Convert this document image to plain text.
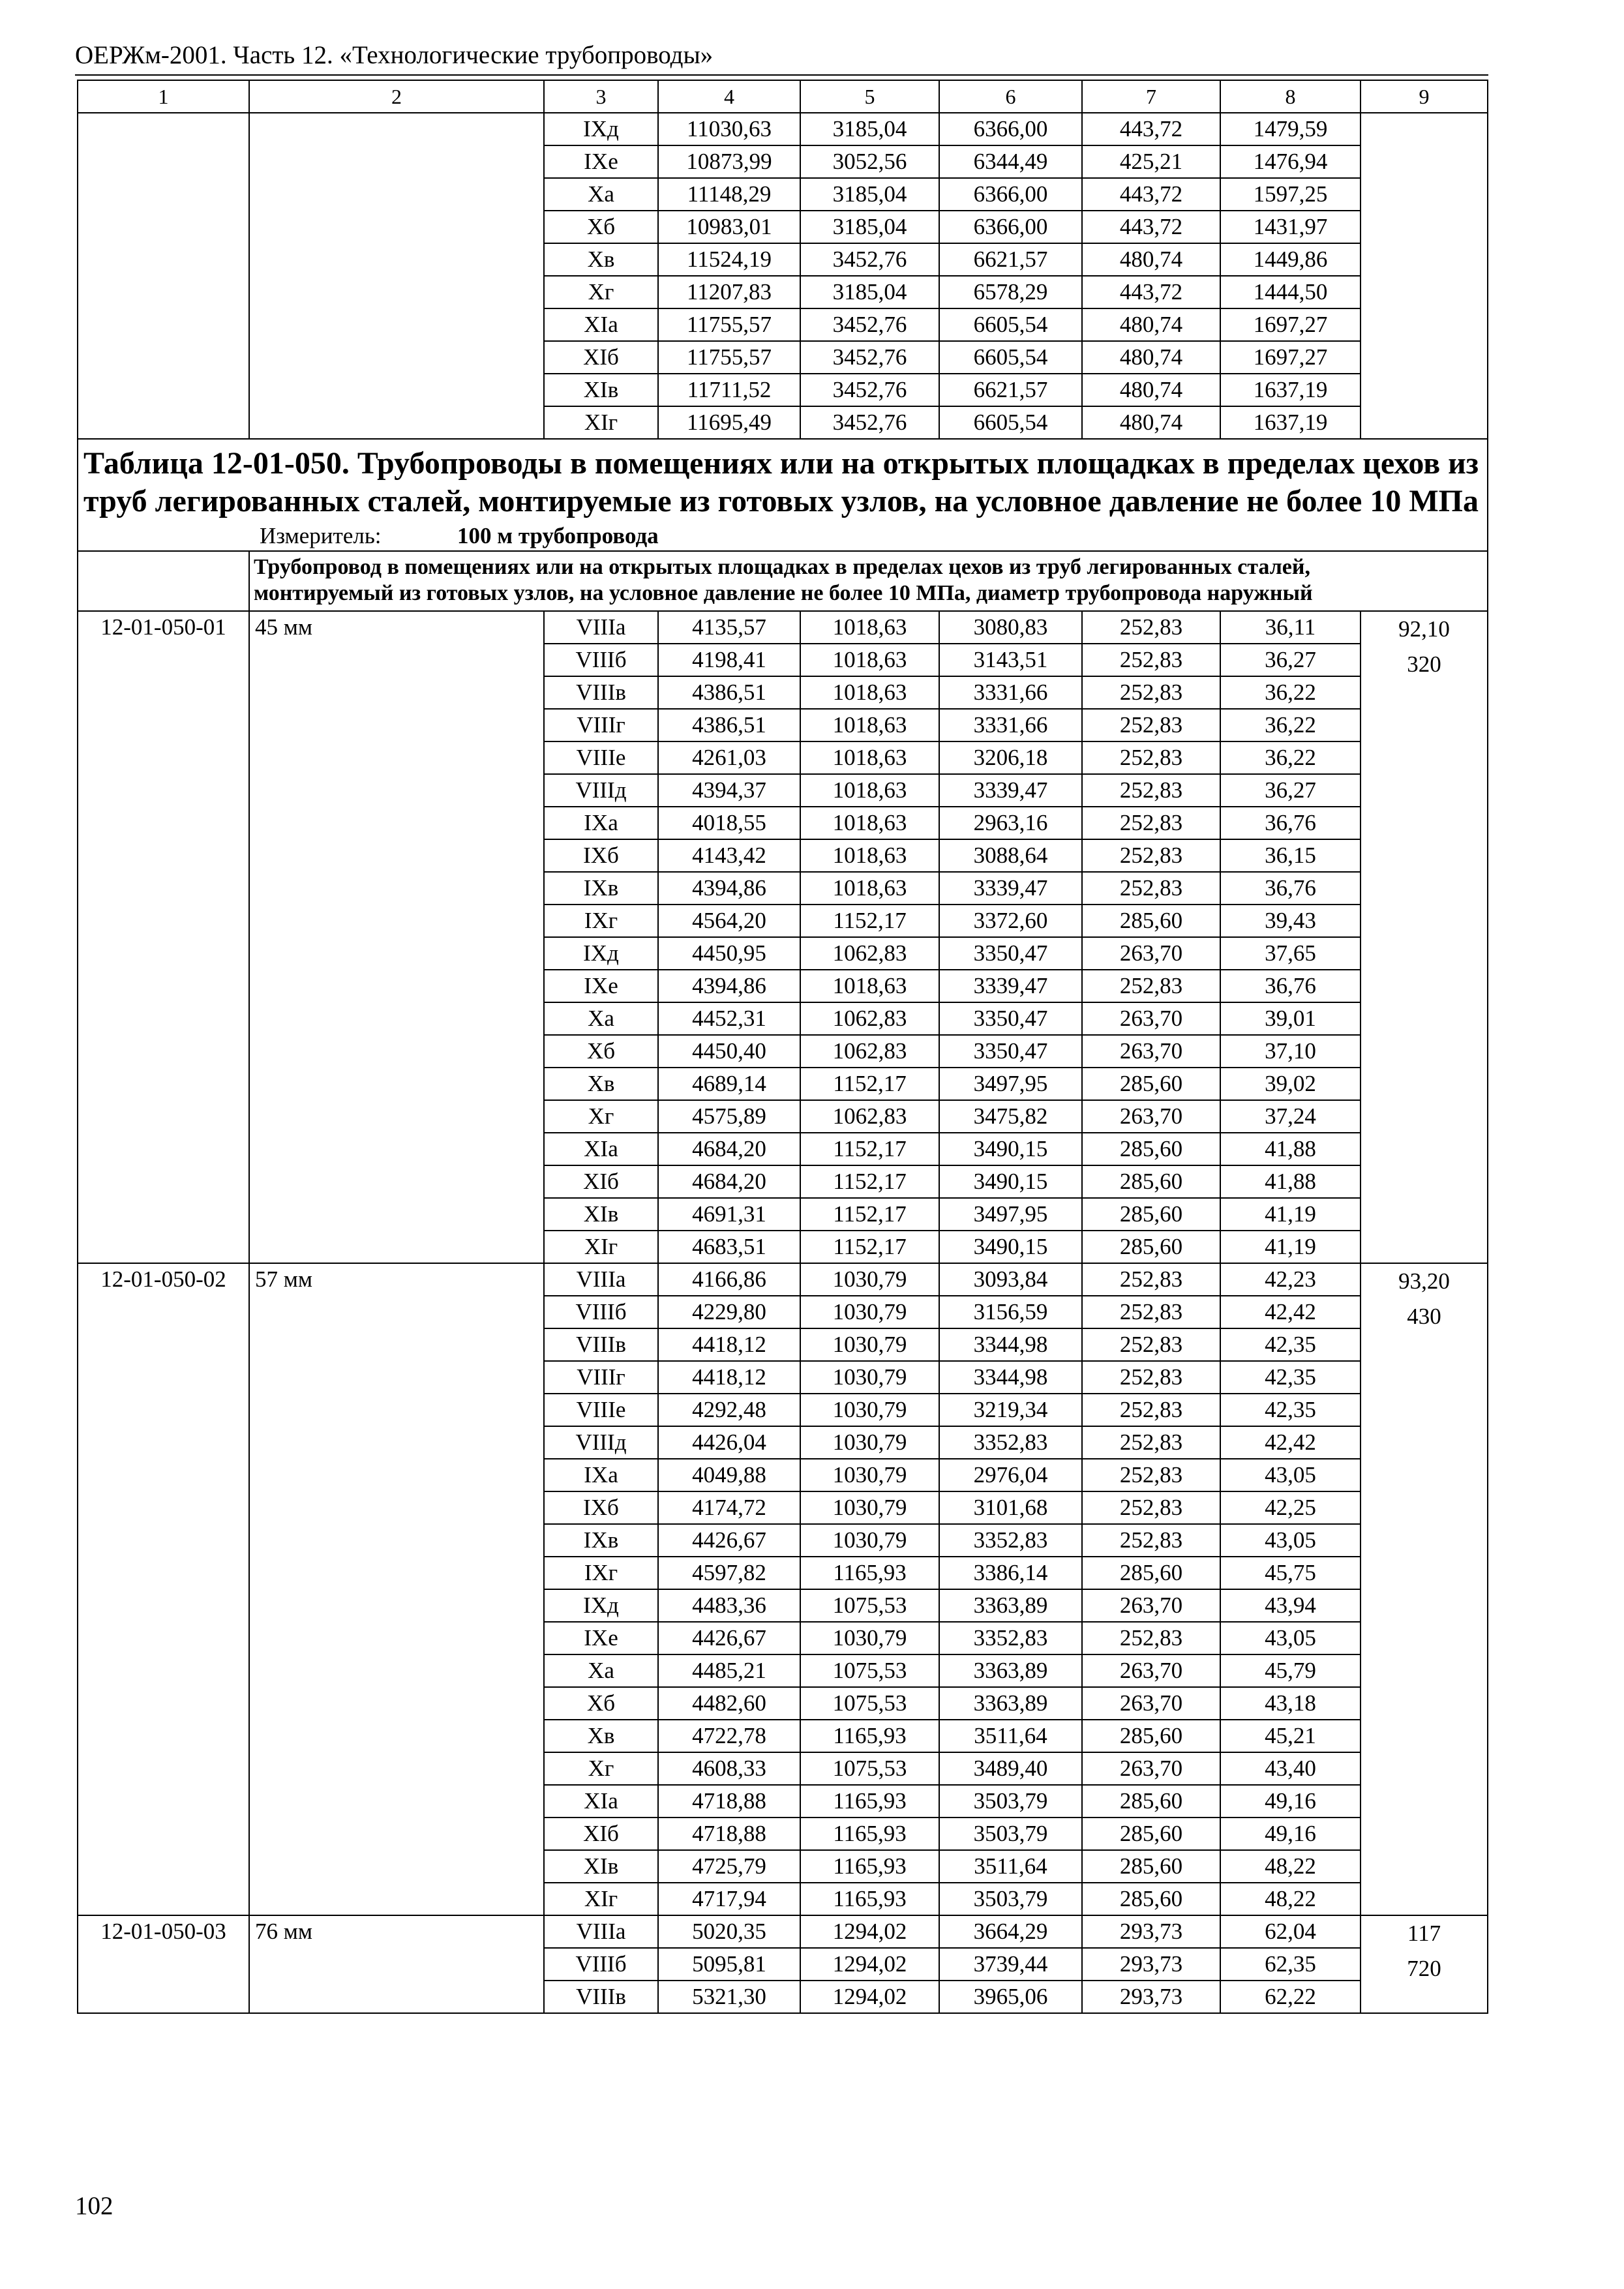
ОЕРЖм-2001. Часть 12. «Технологические трубопроводы»
1	2	3	4	5	6	7	8	9
		IXд	11030,63	3185,04	6366,00	443,72	1479,59	
		IXе	10873,99	3052,56	6344,49	425,21	1476,94	
		Xа	11148,29	3185,04	6366,00	443,72	1597,25	
		Xб	10983,01	3185,04	6366,00	443,72	1431,97	
		Xв	11524,19	3452,76	6621,57	480,74	1449,86	
		Xг	11207,83	3185,04	6578,29	443,72	1444,50	
		XIа	11755,57	3452,76	6605,54	480,74	1697,27	
		XIб	11755,57	3452,76	6605,54	480,74	1697,27	
		XIв	11711,52	3452,76	6621,57	480,74	1637,19	
		XIг	11695,49	3452,76	6605,54	480,74	1637,19	

Таблица 12-01-050. Трубопроводы в помещениях или на открытых площадках в пределах цехов из труб легированных сталей, монтируемые из готовых узлов, на условное давление не более 10 МПа
Измеритель: 100 м трубопровода								

	Трубопровод в помещениях или на открытых площадках в пределах цехов из труб легированных сталей,
монтируемый из готовых узлов, на условное давление не более 10 МПа, диаметр трубопровода наружный							

12-01-050-01	45 мм	VIIIа	4135,57	1018,63	3080,83	252,83	36,11	92,10
320

		VIIIб	4198,41	1018,63	3143,51	252,83	36,27	
		VIIIв	4386,51	1018,63	3331,66	252,83	36,22	
		VIIIг	4386,51	1018,63	3331,66	252,83	36,22	
		VIIIе	4261,03	1018,63	3206,18	252,83	36,22	
		VIIIд	4394,37	1018,63	3339,47	252,83	36,27	
		IXа	4018,55	1018,63	2963,16	252,83	36,76	
		IXб	4143,42	1018,63	3088,64	252,83	36,15	
		IXв	4394,86	1018,63	3339,47	252,83	36,76	
		IXг	4564,20	1152,17	3372,60	285,60	39,43	
		IXд	4450,95	1062,83	3350,47	263,70	37,65	
		IXе	4394,86	1018,63	3339,47	252,83	36,76	
		Xа	4452,31	1062,83	3350,47	263,70	39,01	
		Xб	4450,40	1062,83	3350,47	263,70	37,10	
		Xв	4689,14	1152,17	3497,95	285,60	39,02	
		Xг	4575,89	1062,83	3475,82	263,70	37,24	
		XIа	4684,20	1152,17	3490,15	285,60	41,88	
		XIб	4684,20	1152,17	3490,15	285,60	41,88	
		XIв	4691,31	1152,17	3497,95	285,60	41,19	
		XIг	4683,51	1152,17	3490,15	285,60	41,19	
12-01-050-02	57 мм	VIIIа	4166,86	1030,79	3093,84	252,83	42,23	93,20
430

		VIIIб	4229,80	1030,79	3156,59	252,83	42,42	
		VIIIв	4418,12	1030,79	3344,98	252,83	42,35	
		VIIIг	4418,12	1030,79	3344,98	252,83	42,35	
		VIIIе	4292,48	1030,79	3219,34	252,83	42,35	
		VIIIд	4426,04	1030,79	3352,83	252,83	42,42	
		IXа	4049,88	1030,79	2976,04	252,83	43,05	
		IXб	4174,72	1030,79	3101,68	252,83	42,25	
		IXв	4426,67	1030,79	3352,83	252,83	43,05	
		IXг	4597,82	1165,93	3386,14	285,60	45,75	
		IXд	4483,36	1075,53	3363,89	263,70	43,94	
		IXе	4426,67	1030,79	3352,83	252,83	43,05	
		Xа	4485,21	1075,53	3363,89	263,70	45,79	
		Xб	4482,60	1075,53	3363,89	263,70	43,18	
		Xв	4722,78	1165,93	3511,64	285,60	45,21	
		Xг	4608,33	1075,53	3489,40	263,70	43,40	
		XIа	4718,88	1165,93	3503,79	285,60	49,16	
		XIб	4718,88	1165,93	3503,79	285,60	49,16	
		XIв	4725,79	1165,93	3511,64	285,60	48,22	
		XIг	4717,94	1165,93	3503,79	285,60	48,22	
12-01-050-03	76 мм	VIIIа	5020,35	1294,02	3664,29	293,73	62,04	117
720

		VIIIб	5095,81	1294,02	3739,44	293,73	62,35	
		VIIIв	5321,30	1294,02	3965,06	293,73	62,22	
102
